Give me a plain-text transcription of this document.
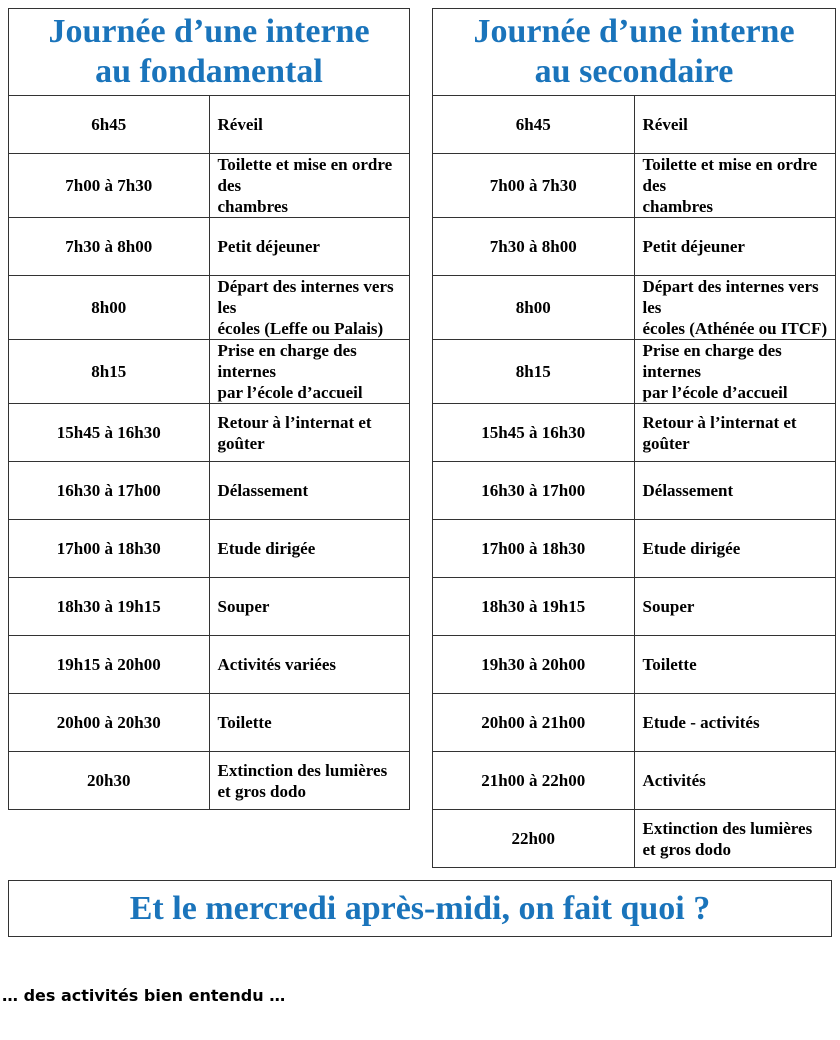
Journée d’une interne
au fondamental	
6h45	Réveil
7h00 à 7h30	Toilette et mise en ordre des
chambres
7h30 à 8h00	Petit déjeuner
8h00	Départ des internes vers les
écoles (Leffe ou Palais)
8h15	Prise en charge des internes
par l’école d’accueil
15h45 à 16h30	Retour à l’internat et goûter
16h30 à 17h00	Délassement
17h00 à 18h30	Etude dirigée
18h30 à 19h15	Souper
19h15 à 20h00	Activités variées
20h00 à 20h30	Toilette
20h30	Extinction des lumières
et gros dodo
Journée d’une interne
au secondaire	
6h45	Réveil
7h00 à 7h30	Toilette et mise en ordre des
chambres
7h30 à 8h00	Petit déjeuner
8h00	Départ des internes vers les
écoles (Athénée ou ITCF)
8h15	Prise en charge des internes
par l’école d’accueil
15h45 à 16h30	Retour à l’internat et goûter
16h30 à 17h00	Délassement
17h00 à 18h30	Etude dirigée
18h30 à 19h15	Souper
19h30 à 20h00	Toilette
20h00 à 21h00	Etude - activités
21h00 à 22h00	Activités
22h00	Extinction des lumières
et gros dodo
Et le mercredi après-midi, on fait quoi ?
… des activités bien entendu …
